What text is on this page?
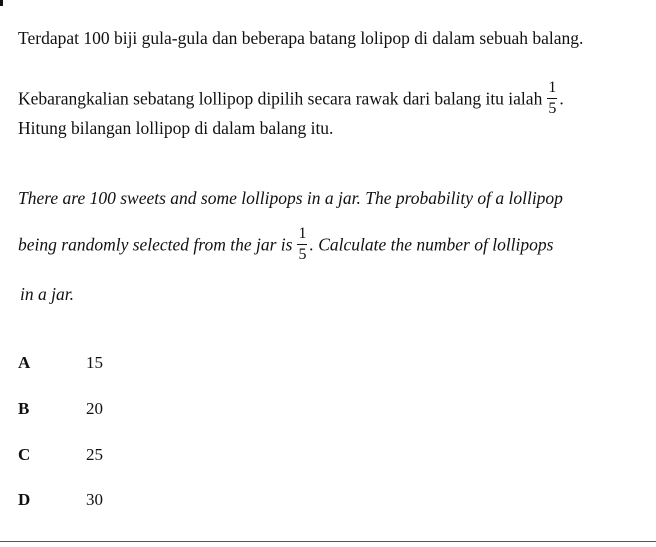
Terdapat 100 biji gula-gula dan beberapa batang lolipop di dalam sebuah balang.
Kebarangkalian sebatang lollipop dipilih secara rawak dari balang itu ialah $\frac{1}{5}$ .
Hitung bilangan lollipop di dalam balang itu.
There are 100 sweets and some lollipops in a jar. The probability of a lollipop
being randomly selected from the jar is $\frac{1}{5}$ . Calculate the number of lollipops
in a jar.
A	15
B	20
C	25
D	30
